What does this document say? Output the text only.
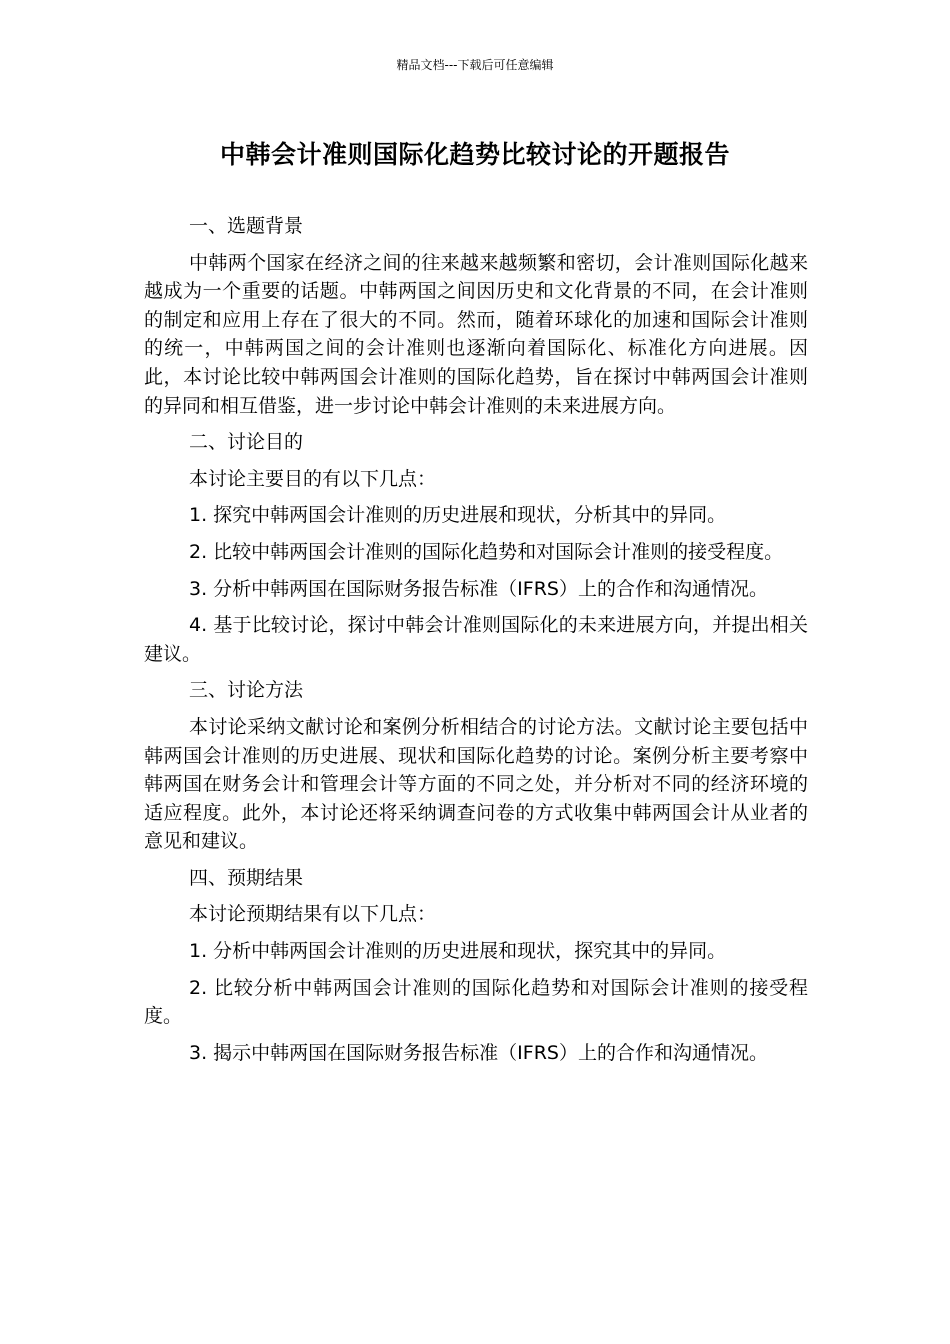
精品文档---下载后可任意编辑
中韩会计准则国际化趋势比较讨论的开题报告

一、选题背景

中韩两个国家在经济之间的往来越来越频繁和密切，会计准则国际化越来越成为一个重要的话题。中韩两国之间因历史和文化背景的不同，在会计准则的制定和应用上存在了很大的不同。然而，随着环球化的加速和国际会计准则的统一，中韩两国之间的会计准则也逐渐向着国际化、标准化方向进展。因此，本讨论比较中韩两国会计准则的国际化趋势，旨在探讨中韩两国会计准则的异同和相互借鉴，进一步讨论中韩会计准则的未来进展方向。

二、讨论目的

本讨论主要目的有以下几点：

1. 探究中韩两国会计准则的历史进展和现状，分析其中的异同。

2. 比较中韩两国会计准则的国际化趋势和对国际会计准则的接受程度。

3. 分析中韩两国在国际财务报告标准（IFRS）上的合作和沟通情况。

4. 基于比较讨论，探讨中韩会计准则国际化的未来进展方向，并提出相关建议。

三、讨论方法

本讨论采纳文献讨论和案例分析相结合的讨论方法。文献讨论主要包括中韩两国会计准则的历史进展、现状和国际化趋势的讨论。案例分析主要考察中韩两国在财务会计和管理会计等方面的不同之处，并分析对不同的经济环境的适应程度。此外，本讨论还将采纳调查问卷的方式收集中韩两国会计从业者的意见和建议。

四、预期结果

本讨论预期结果有以下几点：

1. 分析中韩两国会计准则的历史进展和现状，探究其中的异同。

2. 比较分析中韩两国会计准则的国际化趋势和对国际会计准则的接受程度。

3. 揭示中韩两国在国际财务报告标准（IFRS）上的合作和沟通情况。
